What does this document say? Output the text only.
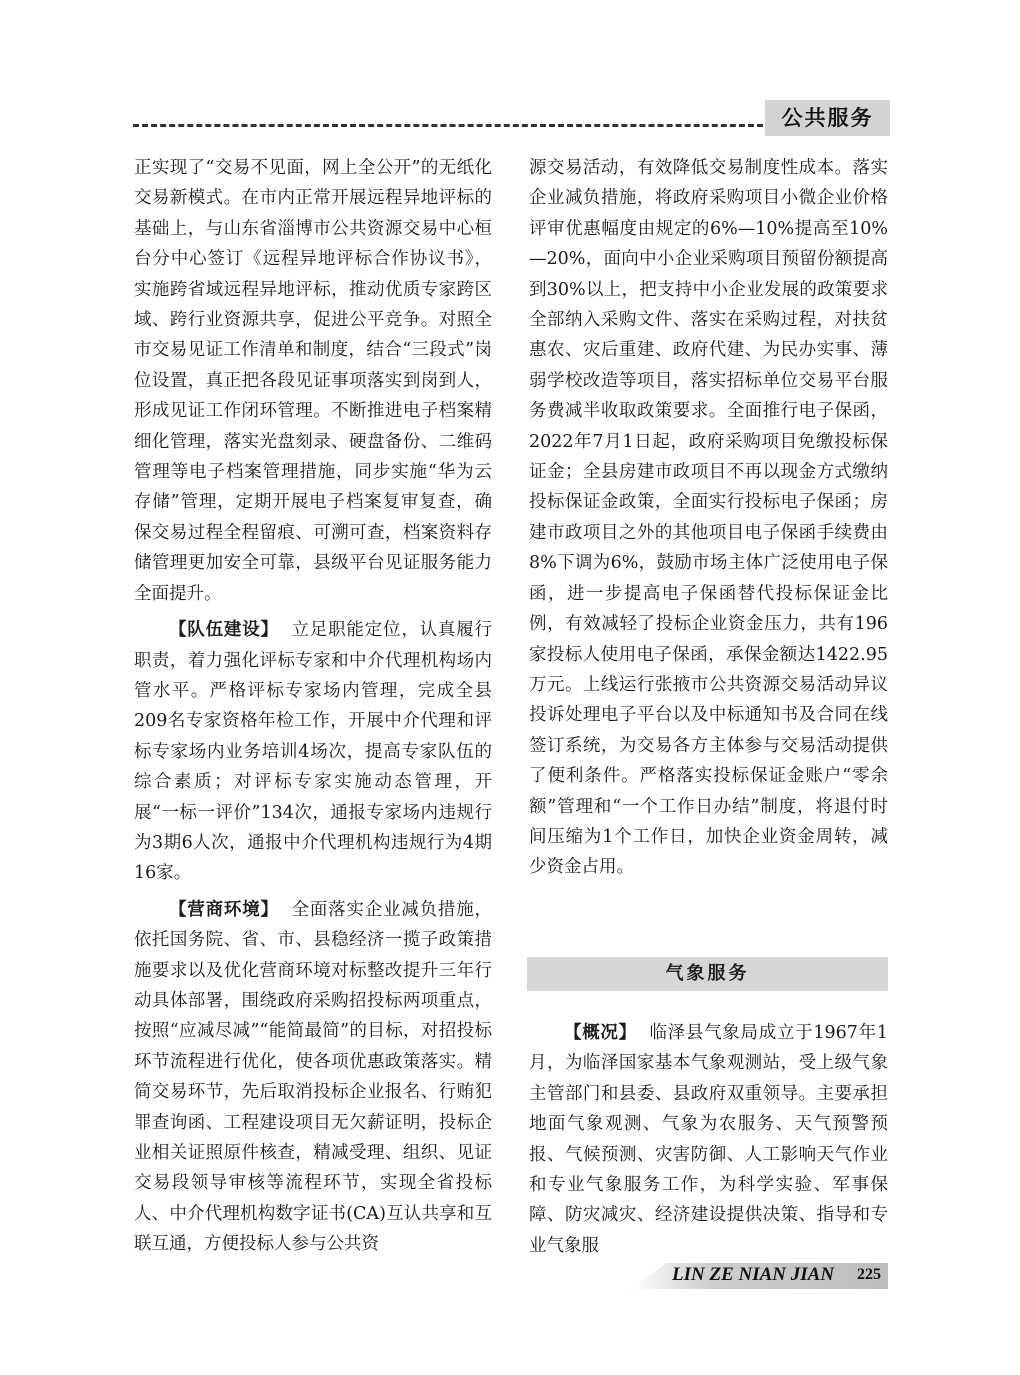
公共服务

正实现了“交易不见面，网上全公开”的无纸化交易新模式。在市内正常开展远程异地评标的基础上，与山东省淄博市公共资源交易中心桓台分中心签订《远程异地评标合作协议书》，实施跨省域远程异地评标，推动优质专家跨区域、跨行业资源共享，促进公平竞争。对照全市交易见证工作清单和制度，结合“三段式”岗位设置，真正把各段见证事项落实到岗到人，形成见证工作闭环管理。不断推进电子档案精细化管理，落实光盘刻录、硬盘备份、二维码管理等电子档案管理措施，同步实施“华为云存储”管理，定期开展电子档案复审复查，确保交易过程全程留痕、可溯可查，档案资料存储管理更加安全可靠，县级平台见证服务能力全面提升。

【队伍建设】 立足职能定位，认真履行职责，着力强化评标专家和中介代理机构场内管水平。严格评标专家场内管理，完成全县209名专家资格年检工作，开展中介代理和评标专家场内业务培训4场次，提高专家队伍的综合素质；对评标专家实施动态管理，开展“一标一评价”134次，通报专家场内违规行为3期6人次，通报中介代理机构违规行为4期16家。

【营商环境】 全面落实企业减负措施，依托国务院、省、市、县稳经济一揽子政策措施要求以及优化营商环境对标整改提升三年行动具体部署，围绕政府采购招投标两项重点，按照“应减尽减”“能简最简”的目标，对招投标环节流程进行优化，使各项优惠政策落实。精简交易环节，先后取消投标企业报名、行贿犯罪查询函、工程建设项目无欠薪证明，投标企业相关证照原件核查，精减受理、组织、见证交易段领导审核等流程环节，实现全省投标人、中介代理机构数字证书(CA)互认共享和互联互通，方便投标人参与公共资

源交易活动，有效降低交易制度性成本。落实企业减负措施，将政府采购项目小微企业价格评审优惠幅度由规定的6%—10%提高至10%—20%，面向中小企业采购项目预留份额提高到30%以上，把支持中小企业发展的政策要求全部纳入采购文件、落实在采购过程，对扶贫惠农、灾后重建、政府代建、为民办实事、薄弱学校改造等项目，落实招标单位交易平台服务费减半收取政策要求。全面推行电子保函，2022年7月1日起，政府采购项目免缴投标保证金；全县房建市政项目不再以现金方式缴纳投标保证金政策，全面实行投标电子保函；房建市政项目之外的其他项目电子保函手续费由8%下调为6%，鼓励市场主体广泛使用电子保函，进一步提高电子保函替代投标保证金比例，有效减轻了投标企业资金压力，共有196家投标人使用电子保函，承保金额达1422.95万元。上线运行张掖市公共资源交易活动异议投诉处理电子平台以及中标通知书及合同在线签订系统，为交易各方主体参与交易活动提供了便利条件。严格落实投标保证金账户“零余额”管理和“一个工作日办结”制度，将退付时间压缩为1个工作日，加快企业资金周转，减少资金占用。

气象服务

【概况】 临泽县气象局成立于1967年1月，为临泽国家基本气象观测站，受上级气象主管部门和县委、县政府双重领导。主要承担地面气象观测、气象为农服务、天气预警预报、气候预测、灾害防御、人工影响天气作业和专业气象服务工作，为科学实验、军事保障、防灾减灾、经济建设提供决策、指导和专业气象服

LIN ZE NIAN JIAN 225
